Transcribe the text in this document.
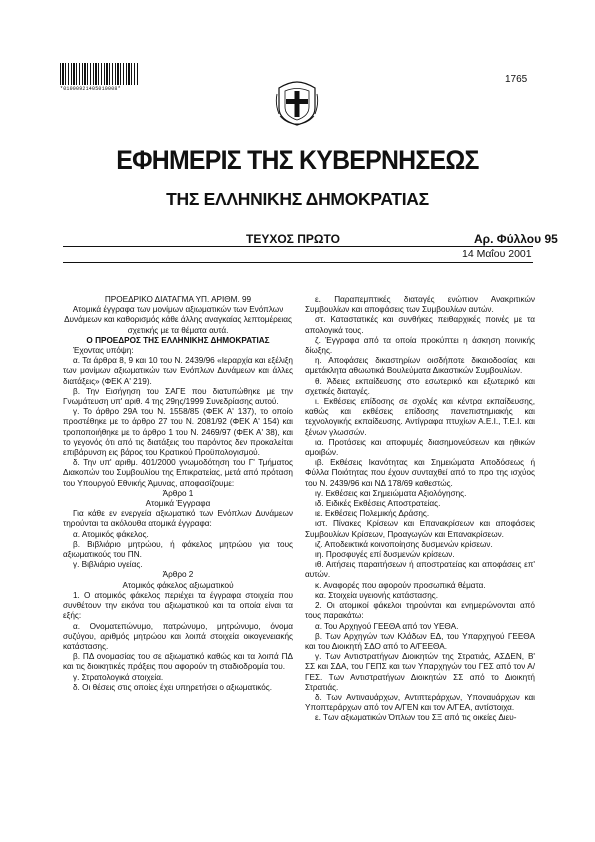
*01000921405010008*
1765
ΕΦΗΜΕΡΙΣ ΤΗΣ ΚΥΒΕΡΝΗΣΕΩΣ
ΤΗΣ ΕΛΛΗΝΙΚΗΣ ΔΗΜΟΚΡΑΤΙΑΣ
ΤΕΥΧΟΣ ΠΡΩΤΟ	Αρ. Φύλλου 95
14 Μαΐου 2001

ΠΡΟΕΔΡΙΚΟ ΔΙΑΤΑΓΜΑ ΥΠ. ΑΡΙΘΜ. 99

Ατομικά έγγραφα των μονίμων αξιωματικών των Ενόπλων Δυνάμεων και καθορισμός κάθε άλλης αναγκαίας λεπτομέρειας σχετικής με τα θέματα αυτά.

Ο ΠΡΟΕΔΡΟΣ ΤΗΣ ΕΛΛΗΝΙΚΗΣ ΔΗΜΟΚΡΑΤΙΑΣ

Έχοντας υπόψη:

α. Τα άρθρα 8, 9 και 10 του Ν. 2439/96 «Ιεραρχία και εξέλιξη των μονίμων αξιωματικών των Ενόπλων Δυνάμεων και άλλες διατάξεις» (ΦΕΚ Α' 219).

β. Την Εισήγηση του ΣΑΓΕ που διατυπώθηκε με την Γνωμάτευση υπ' αριθ. 4 της 29ης/1999 Συνεδρίασης αυτού.

γ. Το άρθρο 29Α του Ν. 1558/85 (ΦΕΚ Α' 137), το οποίο προστέθηκε με το άρθρο 27 του Ν. 2081/92 (ΦΕΚ Α' 154) και τροποποιήθηκε με το άρθρο 1 του Ν. 2469/97 (ΦΕΚ Α' 38), και το γεγονός ότι από τις διατάξεις του παρόντος δεν προκαλείται επιβάρυνση εις βάρος του Κρατικού Προϋπολογισμού.

δ. Την υπ' αριθμ. 401/2000 γνωμοδότηση του Γ' Τμήματος Διακοπών του Συμβουλίου της Επικρατείας, μετά από πρόταση του Υπουργού Εθνικής Άμυνας, αποφασίζουμε:

Άρθρο 1

Ατομικά Έγγραφα

Για κάθε εν ενεργεία αξιωματικό των Ενόπλων Δυνάμεων τηρούνται τα ακόλουθα ατομικά έγγραφα:

α. Ατομικός φάκελος.

β. Βιβλιάριο μητρώου, ή φάκελος μητρώου για τους αξιωματικούς του ΠΝ.

γ. Βιβλιάριο υγείας.

Άρθρο 2

Ατομικός φάκελος αξιωματικού

1. Ο ατομικός φάκελος περιέχει τα έγγραφα στοιχεία που συνθέτουν την εικόνα του αξιωματικού και τα οποία είναι τα εξής:

α. Ονοματεπώνυμο, πατρώνυμο, μητρώνυμο, όνομα συζύγου, αριθμός μητρώου και λοιπά στοιχεία οικογενειακής κατάστασης.

β. ΠΔ ονομασίας του σε αξιωματικό καθώς και τα λοιπά ΠΔ και τις διοικητικές πράξεις που αφορούν τη σταδιοδρομία του.

γ. Στρατολογικά στοιχεία.

δ. Οι θέσεις στις οποίες έχει υπηρετήσει ο αξιωματικός.

ε. Παραπεμπτικές διαταγές ενώπιον Ανακριτικών Συμβουλίων και αποφάσεις των Συμβουλίων αυτών.

στ. Καταστατικές και συνθήκες πειθαρχικές ποινές με τα απολογικά τους.

ζ. Έγγραφα από τα οποία προκύπτει η άσκηση ποινικής δίωξης.

η. Αποφάσεις δικαστηρίων οισδήποτε δικαιοδοσίας και αμετάκλητα αθωωτικά Βουλεύματα Δικαστικών Συμβουλίων.

θ. Άδειες εκπαίδευσης στο εσωτερικό και εξωτερικό και σχετικές διαταγές.

ι. Εκθέσεις επίδοσης σε σχολές και κέντρα εκπαίδευσης, καθώς και εκθέσεις επίδοσης πανεπιστημιακής και τεχνολογικής εκπαίδευσης. Αντίγραφα πτυχίων Α.Ε.Ι., Τ.Ε.Ι. και ξένων γλωσσών.

ια. Προτάσεις και αποφυμές διασημονεύσεων και ηθικών αμοιβών.

ιβ. Εκθέσεις Ικανότητας και Σημειώματα Αποδόσεως ή Φύλλα Ποιότητας που έχουν συνταχθεί από το προ της ισχύος του Ν. 2439/96 και ΝΔ 178/69 καθεστώς.

ιγ. Εκθέσεις και Σημειώματα Αξιολόγησης.

ιδ. Ειδικές Εκθέσεις Αποστρατείας.

ιε. Εκθέσεις Πολεμικής Δράσης.

ιστ. Πίνακες Κρίσεων και Επανακρίσεων και αποφάσεις Συμβουλίων Κρίσεων, Προαγωγών και Επανακρίσεων.

ιζ. Αποδεικτικά κοινοποίησης δυσμενών κρίσεων.

ιη. Προσφυγές επί δυσμενών κρίσεων.

ιθ. Αιτήσεις παραιτήσεων ή αποστρατείας και αποφάσεις επ' αυτών.

κ. Αναφορές που αφορούν προσωπικά θέματα.

κα. Στοιχεία υγειονής κατάστασης.

2. Οι ατομικοί φάκελοι τηρούνται και ενημερώνονται από τους παρακάτω:

α. Του Αρχηγού ΓΕΕΘΑ από τον ΥΕΘΑ.

β. Των Αρχηγών των Κλάδων ΕΔ, του Υπαρχηγού ΓΕΕΘΑ και του Διοικητή ΣΔΟ από το Α/ΓΕΕΘΑ.

γ. Των Αντιστρατήγων Διοικητών της Στρατιάς, ΑΣΔΕΝ, Β' ΣΣ και ΣΔΑ, του ΓΕΠΣ και των Υπαρχηγών του ΓΕΣ από τον Α/ΓΕΣ. Των Αντιστρατήγων Διοικητών ΣΣ από το Διοικητή Στρατιάς.

δ. Των Αντιναυάρχων, Αντιπτεράρχων, Υποναυάρχων και Υποπτεράρχων από τον Α/ΓΕΝ και τον Α/ΓΕΑ, αντίστοιχα.

ε. Των αξιωματικών Όπλων του ΣΞ από τις οικείες Διευ-
